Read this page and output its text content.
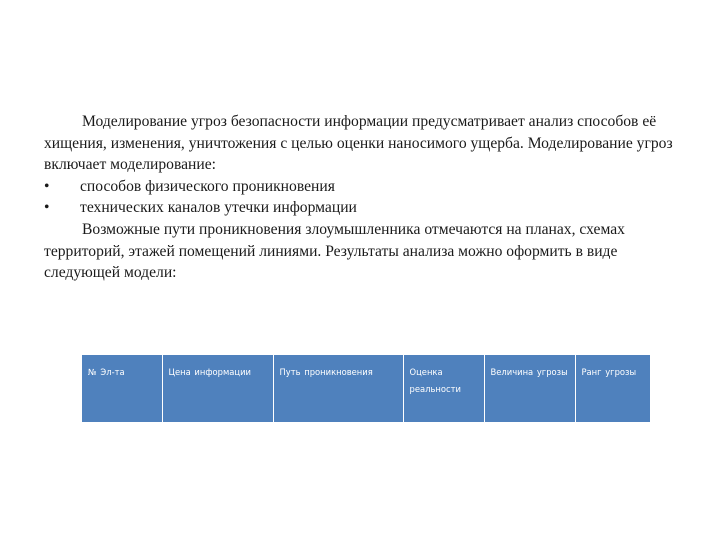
Моделирование угроз безопасности информации предусматривает анализ способов её хищения, изменения, уничтожения с целью оценки наносимого ущерба. Моделирование угроз включает моделирование:

•	способов физического проникновения
•	технических каналов утечки информации

Возможные пути проникновения злоумышленника отмечаются на планах, схемах территорий, этажей помещений линиями. Результаты анализа можно оформить в виде следующей модели:

№ Эл-та	Цена информации	Путь проникновения	Оценка реальности	Величина угрозы	Ранг угрозы
